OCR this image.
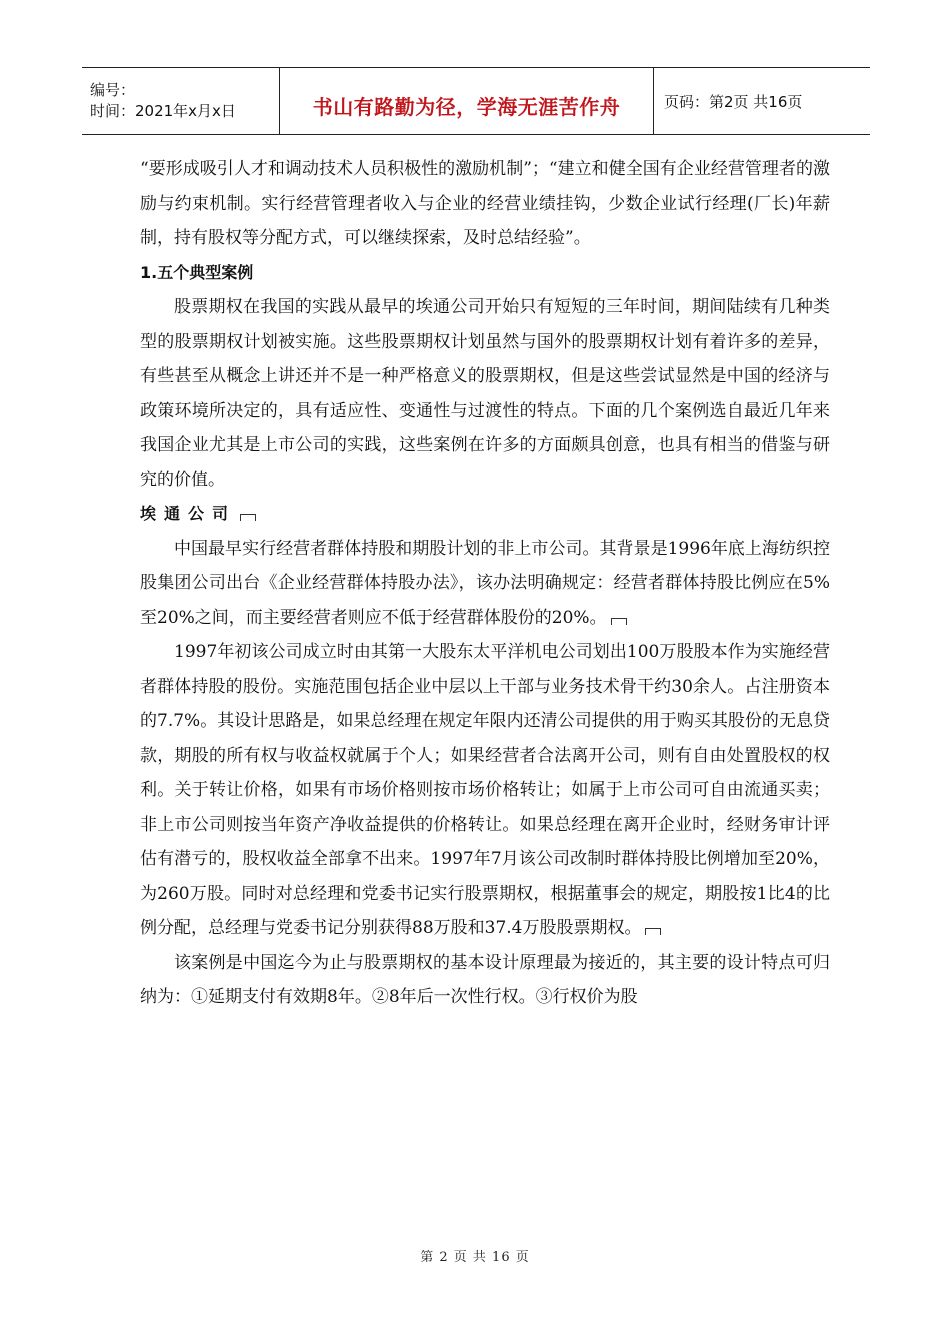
编号：
时间：2021年x月x日	书山有路勤为径，学海无涯苦作舟	页码：第2页 共16页

“要形成吸引人才和调动技术人员积极性的激励机制”；“建立和健全国有企业经营管理者的激励与约束机制。实行经营管理者收入与企业的经营业绩挂钩，少数企业试行经理(厂长)年薪制，持有股权等分配方式，可以继续探索，及时总结经验”。

1.五个典型案例

股票期权在我国的实践从最早的埃通公司开始只有短短的三年时间，期间陆续有几种类型的股票期权计划被实施。这些股票期权计划虽然与国外的股票期权计划有着许多的差异，有些甚至从概念上讲还并不是一种严格意义的股票期权，但是这些尝试显然是中国的经济与政策环境所决定的，具有适应性、变通性与过渡性的特点。下面的几个案例选自最近几年来我国企业尤其是上市公司的实践，这些案例在许多的方面颇具创意，也具有相当的借鉴与研究的价值。

埃通公司

中国最早实行经营者群体持股和期股计划的非上市公司。其背景是1996年底上海纺织控股集团公司出台《企业经营群体持股办法》，该办法明确规定：经营者群体持股比例应在5%至20%之间，而主要经营者则应不低于经营群体股份的20%。

1997年初该公司成立时由其第一大股东太平洋机电公司划出100万股股本作为实施经营者群体持股的股份。实施范围包括企业中层以上干部与业务技术骨干约30余人。占注册资本的7.7%。其设计思路是，如果总经理在规定年限内还清公司提供的用于购买其股份的无息贷款，期股的所有权与收益权就属于个人；如果经营者合法离开公司，则有自由处置股权的权利。关于转让价格，如果有市场价格则按市场价格转让；如属于上市公司可自由流通买卖；非上市公司则按当年资产净收益提供的价格转让。如果总经理在离开企业时，经财务审计评估有潜亏的，股权收益全部拿不出来。1997年7月该公司改制时群体持股比例增加至20%，为260万股。同时对总经理和党委书记实行股票期权，根据董事会的规定，期股按1比4的比例分配，总经理与党委书记分别获得88万股和37.4万股股票期权。

该案例是中国迄今为止与股票期权的基本设计原理最为接近的，其主要的设计特点可归纳为：①延期支付有效期8年。②8年后一次性行权。③行权价为股

第 2 页 共 16 页
